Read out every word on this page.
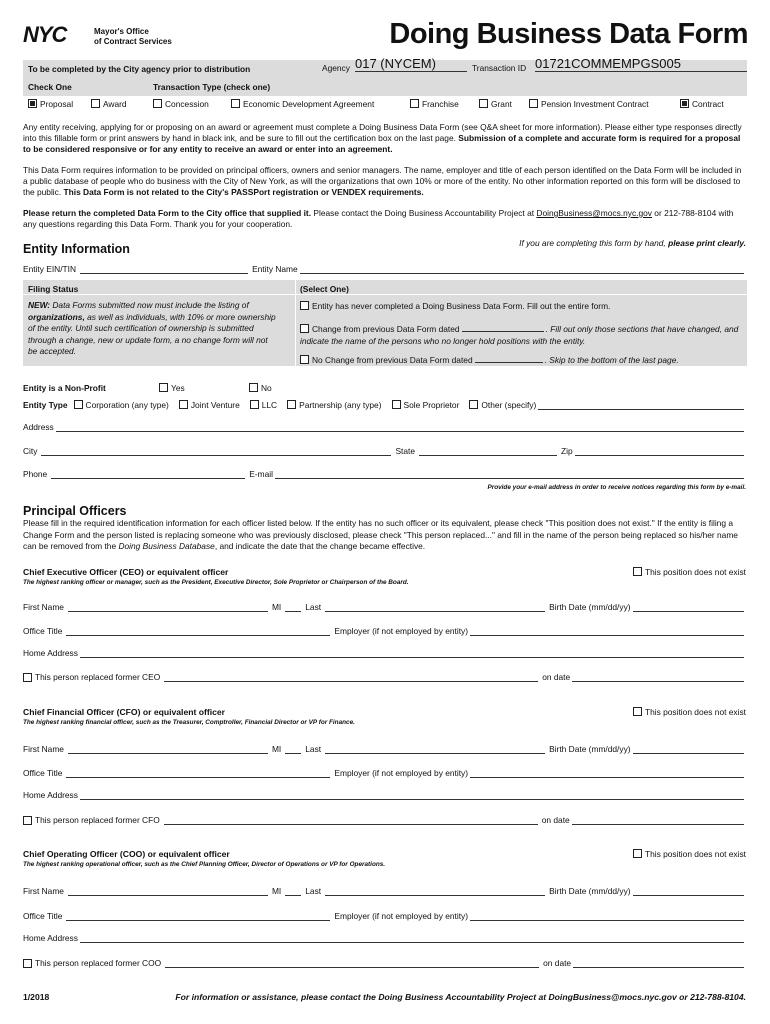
NYC	Mayor's Office
of Contract Services	Doing Business Data Form
To be completed by the City agency prior to distribution	Agency 017 (NYCEM)	Transaction ID 01721COMMEMPGS005
Check One	Transaction Type (check one)
Proposal	Award	Concession	Economic Development Agreement	Franchise	Grant	Pension Investment Contract	Contract
Any entity receiving, applying for or proposing on an award or agreement must complete a Doing Business Data Form (see Q&A sheet for more information). Please either type responses directly into this fillable form or print answers by hand in black ink, and be sure to fill out the certification box on the last page. Submission of a complete and accurate form is required for a proposal to be considered responsive or for any entity to receive an award or enter into an agreement.
This Data Form requires information to be provided on principal officers, owners and senior managers. The name, employer and title of each person identified on the Data Form will be included in a public database of people who do business with the City of New York, as will the organizations that own 10% or more of the entity. No other information reported on this form will be disclosed to the public. This Data Form is not related to the City's PASSPort registration or VENDEX requirements.
Please return the completed Data Form to the City office that supplied it. Please contact the Doing Business Accountability Project at DoingBusiness@mocs.nyc.gov or 212-788-8104 with any questions regarding this Data Form. Thank you for your cooperation.
Entity Information	If you are completing this form by hand, please print clearly.
Entity EIN/TIN	Entity Name
Filing Status	(Select One)
NEW: Data Forms submitted now must include the listing of organizations, as well as individuals, with 10% or more ownership of the entity. Until such certification of ownership is submitted through a change, new or update form, a no change form will not be accepted.
Entity has never completed a Doing Business Data Form. Fill out the entire form.
Change from previous Data Form dated	. Fill out only those sections that have changed, and indicate the name of the persons who no longer hold positions with the entity.
No Change from previous Data Form dated	. Skip to the bottom of the last page.
Entity is a Non-Profit	Yes	No
Entity Type	Corporation (any type)	Joint Venture	LLC	Partnership (any type)	Sole Proprietor	Other (specify)
Address
City	State	Zip
Phone	E-mail
Provide your e-mail address in order to receive notices regarding this form by e-mail.
Principal Officers
Please fill in the required identification information for each officer listed below. If the entity has no such officer or its equivalent, please check "This position does not exist." If the entity is filing a Change Form and the person listed is replacing someone who was previously disclosed, please check "This person replaced..." and fill in the name of the person being replaced so his/her name can be removed from the Doing Business Database, and indicate the date that the change became effective.
Chief Executive Officer (CEO) or equivalent officer	This position does not exist
The highest ranking officer or manager, such as the President, Executive Director, Sole Proprietor or Chairperson of the Board.
First Name	MI	Last	Birth Date (mm/dd/yy)
Office Title	Employer (if not employed by entity)
Home Address
This person replaced former CEO	on date
Chief Financial Officer (CFO) or equivalent officer	This position does not exist
The highest ranking financial officer, such as the Treasurer, Comptroller, Financial Director or VP for Finance.
First Name	MI	Last	Birth Date (mm/dd/yy)
Office Title	Employer (if not employed by entity)
Home Address
This person replaced former CFO	on date
Chief Operating Officer (COO) or equivalent officer	This position does not exist
The highest ranking operational officer, such as the Chief Planning Officer, Director of Operations or VP for Operations.
First Name	MI	Last	Birth Date (mm/dd/yy)
Office Title	Employer (if not employed by entity)
Home Address
This person replaced former COO	on date
1/2018	For information or assistance, please contact the Doing Business Accountability Project at DoingBusiness@mocs.nyc.gov or 212-788-8104.
